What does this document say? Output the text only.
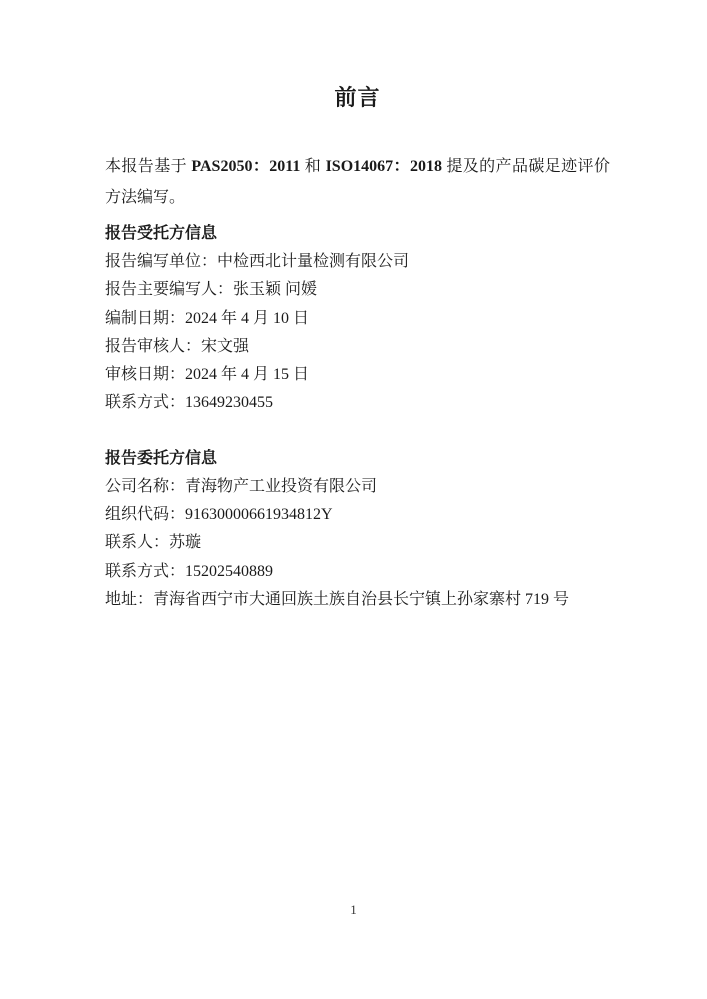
前言

本报告基于 PAS2050：2011 和 ISO14067：2018 提及的产品碳足迹评价方法编写。

报告受托方信息

报告编写单位：中检西北计量检测有限公司

报告主要编写人：张玉颖 问媛

编制日期：2024 年 4 月 10 日

报告审核人：宋文强

审核日期：2024 年 4 月 15 日

联系方式：13649230455

报告委托方信息

公司名称：青海物产工业投资有限公司

组织代码：91630000661934812Y

联系人：苏璇

联系方式：15202540889

地址：青海省西宁市大通回族土族自治县长宁镇上孙家寨村 719 号

1
